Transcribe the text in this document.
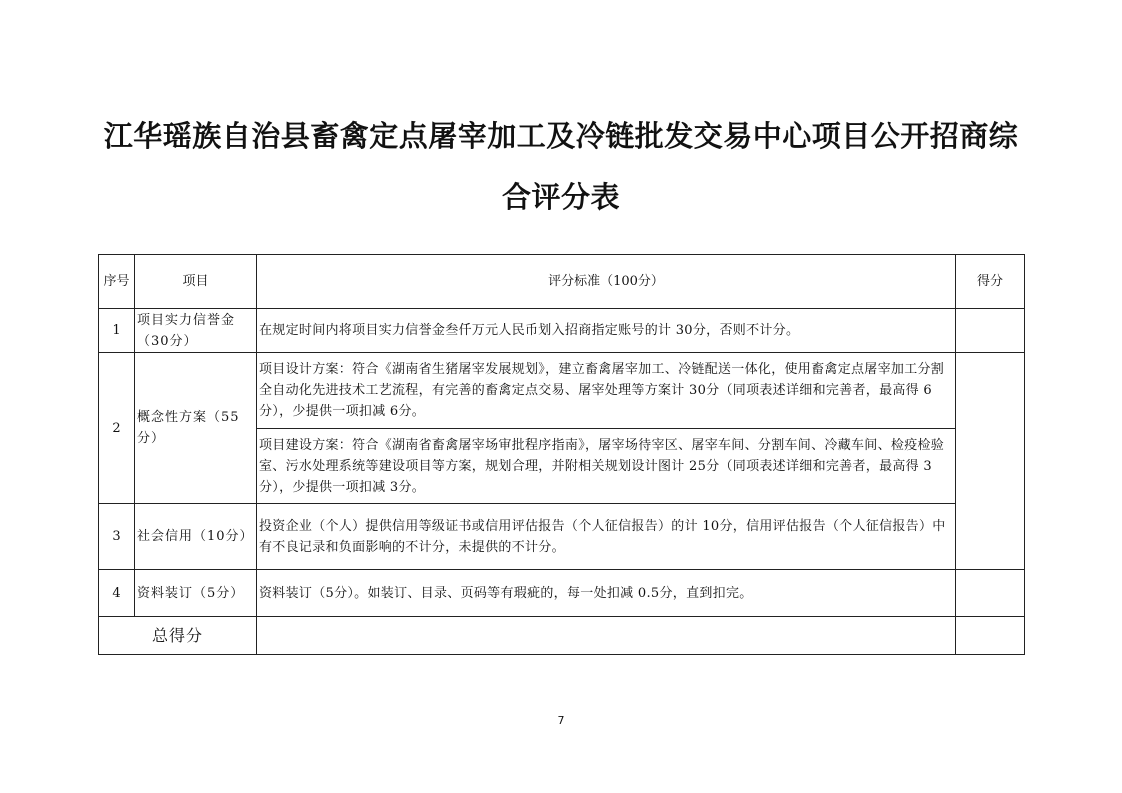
江华瑶族自治县畜禽定点屠宰加工及冷链批发交易中心项目公开招商综
合评分表
序号	项目	评分标准（100分）	得分
1	项目实力信誉金（30分）	在规定时间内将项目实力信誉金叁仟万元人民币划入招商指定账号的计 30分，否则不计分。	
2	概念性方案（55分）	项目设计方案：符合《湖南省生猪屠宰发展规划》，建立畜禽屠宰加工、冷链配送一体化，使用畜禽定点屠宰加工分割全自动化先进技术工艺流程，有完善的畜禽定点交易、屠宰处理等方案计 30分（同项表述详细和完善者，最高得 6分），少提供一项扣减 6分。	
		项目建设方案：符合《湖南省畜禽屠宰场审批程序指南》，屠宰场待宰区、屠宰车间、分割车间、冷藏车间、检疫检验室、污水处理系统等建设项目等方案，规划合理，并附相关规划设计图计 25分（同项表述详细和完善者，最高得 3分），少提供一项扣减 3分。	
3	社会信用（10分）	投资企业（个人）提供信用等级证书或信用评估报告（个人征信报告）的计 10分，信用评估报告（个人征信报告）中有不良记录和负面影响的不计分，未提供的不计分。	
4	资料装订（5分）	资料装订（5分）。如装订、目录、页码等有瑕疵的，每一处扣减 0.5分，直到扣完。	
总得分			
7
